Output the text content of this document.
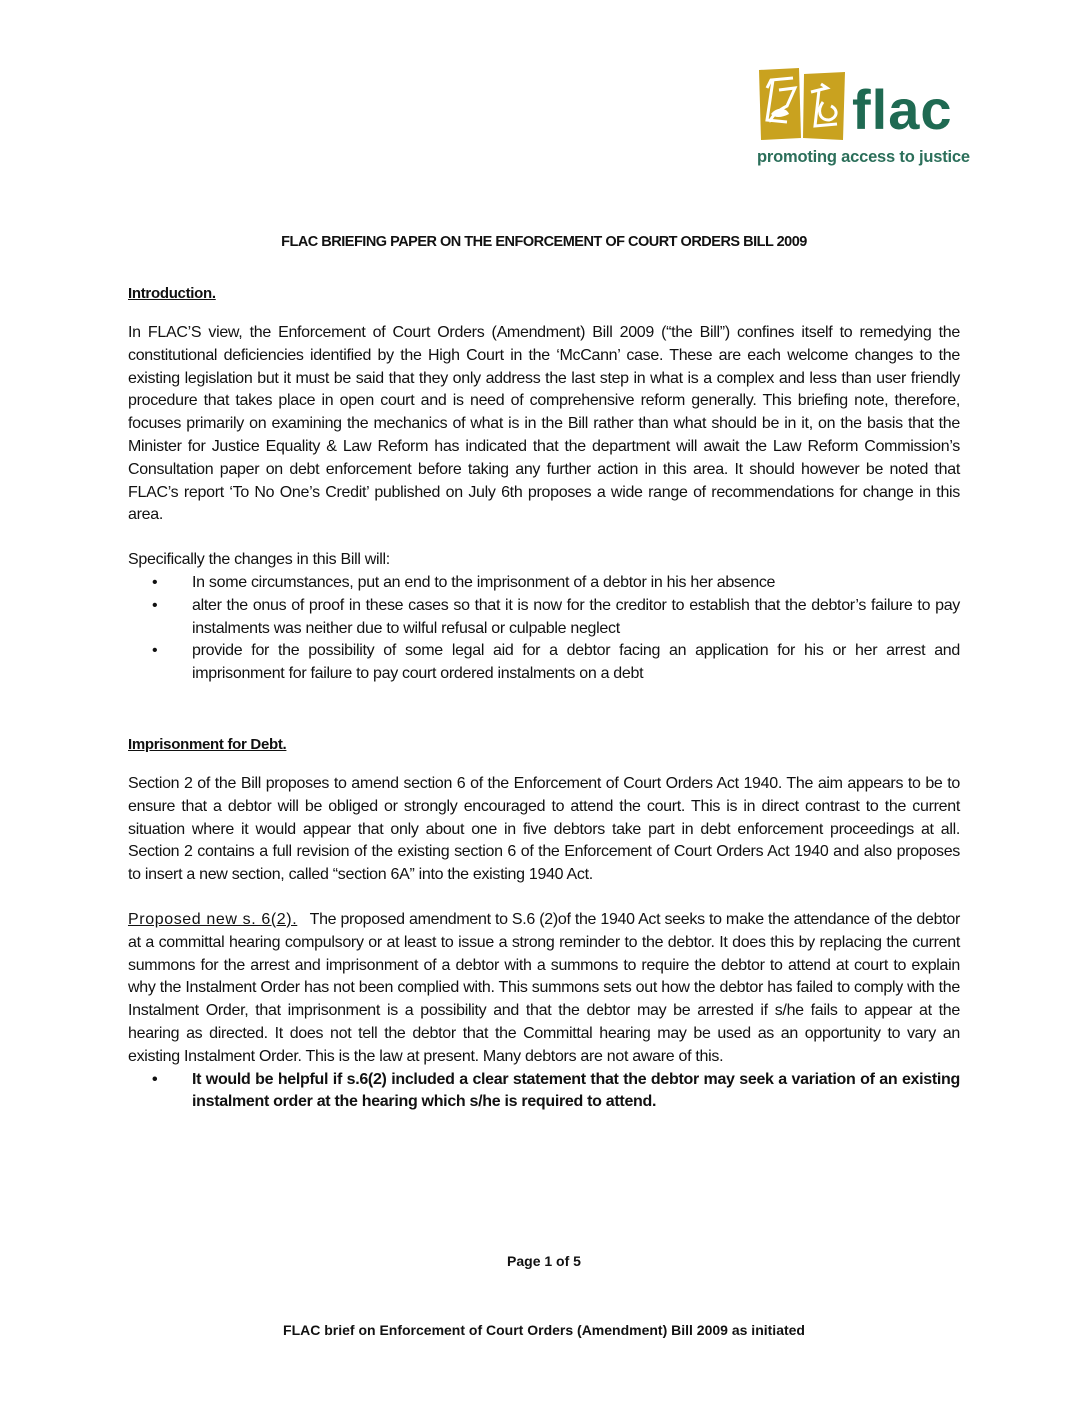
flac
promoting access to justice
FLAC BRIEFING PAPER ON THE ENFORCEMENT OF COURT ORDERS BILL 2009
Introduction.

In FLAC’S view, the Enforcement of Court Orders (Amendment) Bill 2009 (“the Bill”) confines itself to remedying the constitutional deficiencies identified by the High Court in the ‘McCann’ case. These are each welcome changes to the existing legislation but it must be said that they only address the last step in what is a complex and less than user friendly procedure that takes place in open court and is need of comprehensive reform generally. This briefing note, therefore, focuses primarily on examining the mechanics of what is in the Bill rather than what should be in it, on the basis that the Minister for Justice Equality & Law Reform has indicated that the department will await the Law Reform Commission’s Consultation paper on debt enforcement before taking any further action in this area. It should however be noted that FLAC’s report ‘To No One’s Credit’ published on July 6th proposes a wide range of recommendations for change in this area.

Specifically the changes in this Bill will:

• In some circumstances, put an end to the imprisonment of a debtor in his her absence
• alter the onus of proof in these cases so that it is now for the creditor to establish that the debtor’s failure to pay instalments was neither due to wilful refusal or culpable neglect
• provide for the possibility of some legal aid for a debtor facing an application for his or her arrest and imprisonment for failure to pay court ordered instalments on a debt
Imprisonment for Debt.

Section 2 of the Bill proposes to amend section 6 of the Enforcement of Court Orders Act 1940. The aim appears to be to ensure that a debtor will be obliged or strongly encouraged to attend the court. This is in direct contrast to the current situation where it would appear that only about one in five debtors take part in debt enforcement proceedings at all. Section 2 contains a full revision of the existing section 6 of the Enforcement of Court Orders Act 1940 and also proposes to insert a new section, called “section 6A” into the existing 1940 Act.

Proposed new s. 6(2). The proposed amendment to S.6 (2)of the 1940 Act seeks to make the attendance of the debtor at a committal hearing compulsory or at least to issue a strong reminder to the debtor. It does this by replacing the current summons for the arrest and imprisonment of a debtor with a summons to require the debtor to attend at court to explain why the Instalment Order has not been complied with. This summons sets out how the debtor has failed to comply with the Instalment Order, that imprisonment is a possibility and that the debtor may be arrested if s/he fails to appear at the hearing as directed. It does not tell the debtor that the Committal hearing may be used as an opportunity to vary an existing Instalment Order. This is the law at present. Many debtors are not aware of this.

• It would be helpful if s.6(2) included a clear statement that the debtor may seek a variation of an existing instalment order at the hearing which s/he is required to attend.
Page 1 of 5
FLAC brief on Enforcement of Court Orders (Amendment) Bill 2009 as initiated
